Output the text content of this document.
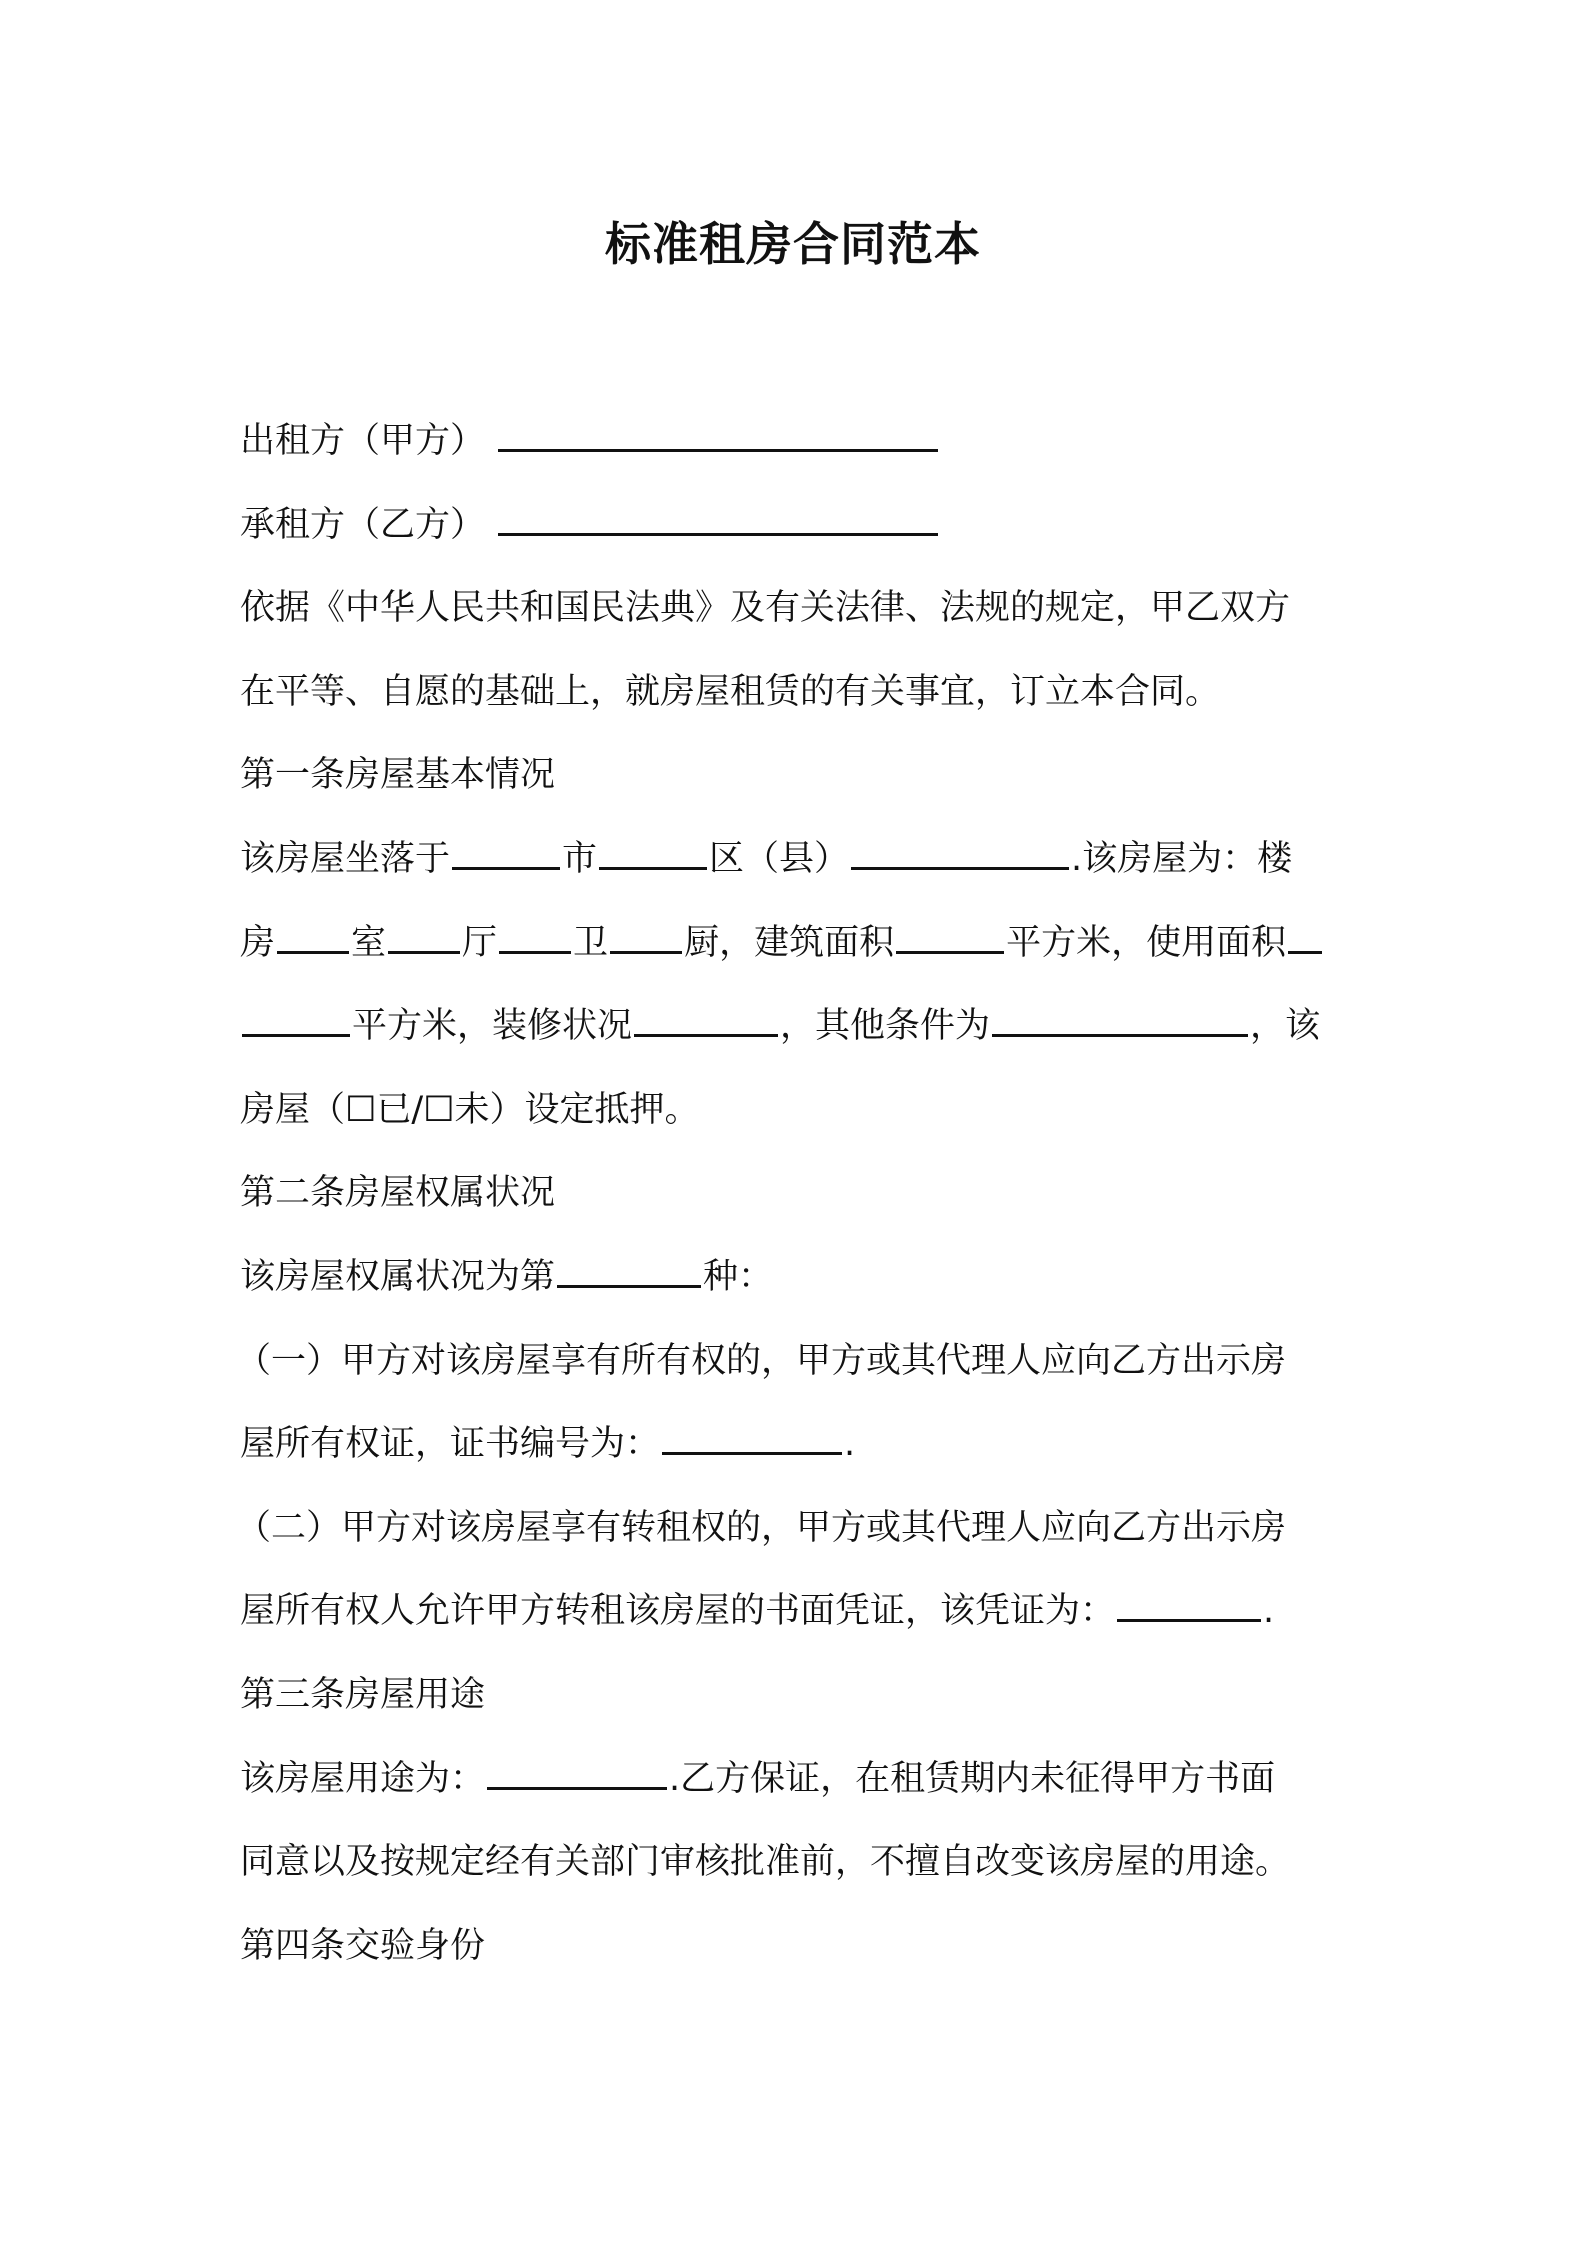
标准租房合同范本
出租方（甲方）
承租方（乙方）
依据《中华人民共和国民法典》及有关法律、法规的规定，甲乙双方
在平等、自愿的基础上，就房屋租赁的有关事宜，订立本合同。
第一条房屋基本情况
该房屋坐落于	市	区（县）	.该房屋为：楼
房 室 厅 卫 厨，建筑面积	平方米，使用面积
平方米，装修状况	，其他条件为	，该
房屋（☐已/☐未）设定抵押。
第二条房屋权属状况
该房屋权属状况为第	种：
（一）甲方对该房屋享有所有权的，甲方或其代理人应向乙方出示房
屋所有权证，证书编号为：	.
（二）甲方对该房屋享有转租权的，甲方或其代理人应向乙方出示房
屋所有权人允许甲方转租该房屋的书面凭证，该凭证为：	.
第三条房屋用途
该房屋用途为：	.乙方保证，在租赁期内未征得甲方书面
同意以及按规定经有关部门审核批准前，不擅自改变该房屋的用途。
第四条交验身份
